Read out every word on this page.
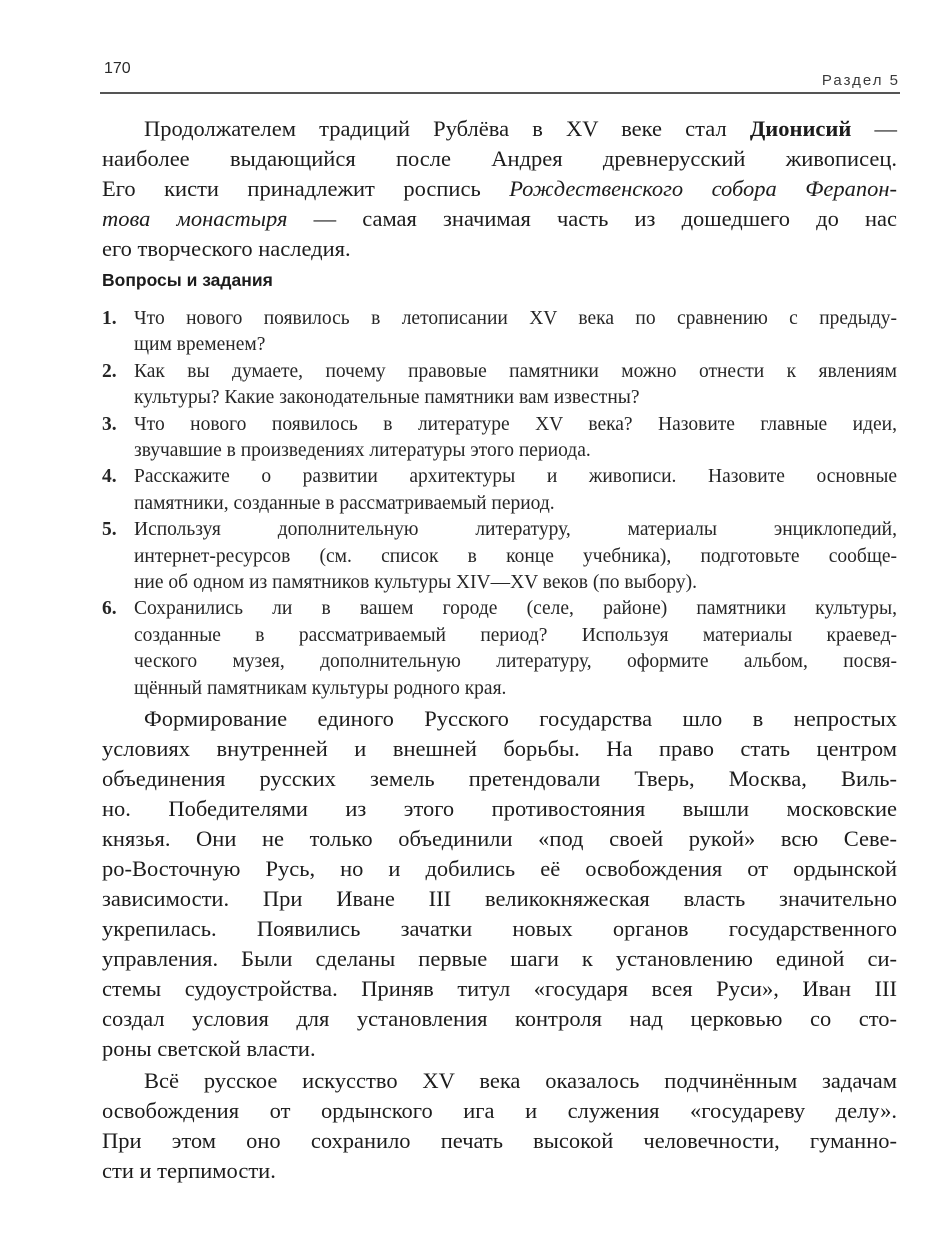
170
Раздел 5
Продолжателем традиций Рублёва в XV веке стал Дионисий —
наиболее выдающийся после Андрея древнерусский живописец.
Его кисти принадлежит роспись Рождественского собора Ферапон-
това монастыря — самая значимая часть из дошедшего до нас
его творческого наследия.
Вопросы и задания
1. Что нового появилось в летописании XV века по сравнению с предыду-
щим временем?
2. Как вы думаете, почему правовые памятники можно отнести к явлениям
культуры? Какие законодательные памятники вам известны?
3. Что нового появилось в литературе XV века? Назовите главные идеи,
звучавшие в произведениях литературы этого периода.
4. Расскажите о развитии архитектуры и живописи. Назовите основные
памятники, созданные в рассматриваемый период.
5. Используя дополнительную литературу, материалы энциклопедий,
интернет-ресурсов (см. список в конце учебника), подготовьте сообще-
ние об одном из памятников культуры XIV—XV веков (по выбору).
6. Сохранились ли в вашем городе (селе, районе) памятники культуры,
созданные в рассматриваемый период? Используя материалы краевед-
ческого музея, дополнительную литературу, оформите альбом, посвя-
щённый памятникам культуры родного края.
Формирование единого Русского государства шло в непростых
условиях внутренней и внешней борьбы. На право стать центром
объединения русских земель претендовали Тверь, Москва, Виль-
но. Победителями из этого противостояния вышли московские
князья. Они не только объединили «под своей рукой» всю Севе-
ро-Восточную Русь, но и добились её освобождения от ордынской
зависимости. При Иване III великокняжеская власть значительно
укрепилась. Появились зачатки новых органов государственного
управления. Были сделаны первые шаги к установлению единой си-
стемы судоустройства. Приняв титул «государя всея Руси», Иван III
создал условия для установления контроля над церковью со сто-
роны светской власти.
Всё русское искусство XV века оказалось подчинённым задачам
освобождения от ордынского ига и служения «государеву делу».
При этом оно сохранило печать высокой человечности, гуманно-
сти и терпимости.
